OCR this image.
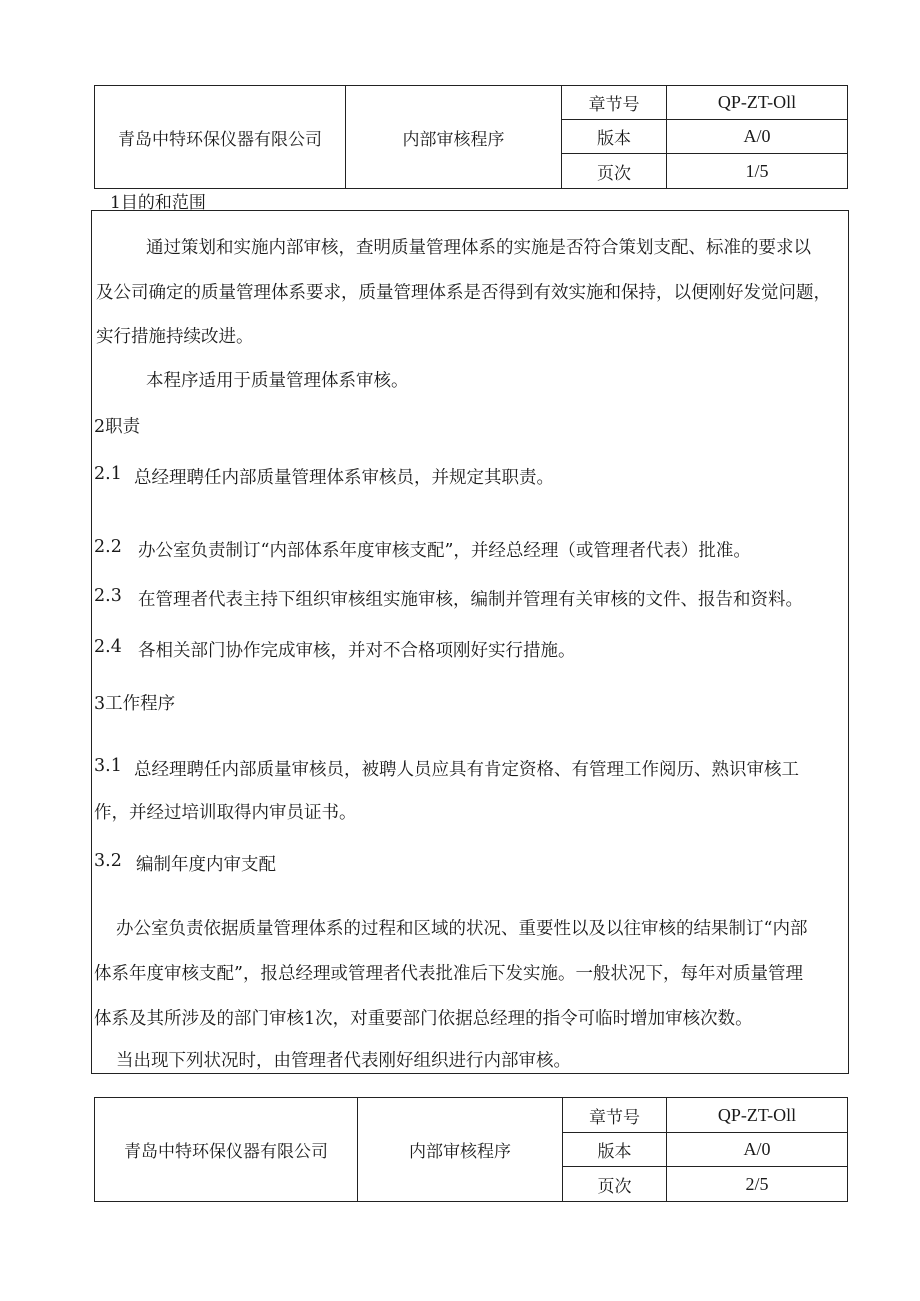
青岛中特环保仪器有限公司	内部审核程序	章节号	QP-ZT-Oll
		版本	A/0
		页次	1/5
1目的和范围
通过策划和实施内部审核，查明质量管理体系的实施是否符合策划支配、标准的要求以
及公司确定的质量管理体系要求，质量管理体系是否得到有效实施和保持，以便刚好发觉问题，
实行措施持续改进。
本程序适用于质量管理体系审核。
2职责
2.1 总经理聘任内部质量管理体系审核员，并规定其职责。
2.2 办公室负责制订“内部体系年度审核支配”，并经总经理（或管理者代表）批准。
2.3 在管理者代表主持下组织审核组实施审核，编制并管理有关审核的文件、报告和资料。
2.4 各相关部门协作完成审核，并对不合格项刚好实行措施。
3工作程序
3.1 总经理聘任内部质量审核员，被聘人员应具有肯定资格、有管理工作阅历、熟识审核工
作，并经过培训取得内审员证书。
3.2 编制年度内审支配
办公室负责依据质量管理体系的过程和区域的状况、重要性以及以往审核的结果制订“内部
体系年度审核支配”，报总经理或管理者代表批准后下发实施。一般状况下，每年对质量管理
体系及其所涉及的部门审核1次，对重要部门依据总经理的指令可临时增加审核次数。
当出现下列状况时，由管理者代表刚好组织进行内部审核。
青岛中特环保仪器有限公司	内部审核程序	章节号	QP-ZT-Oll
		版本	A/0
		页次	2/5
